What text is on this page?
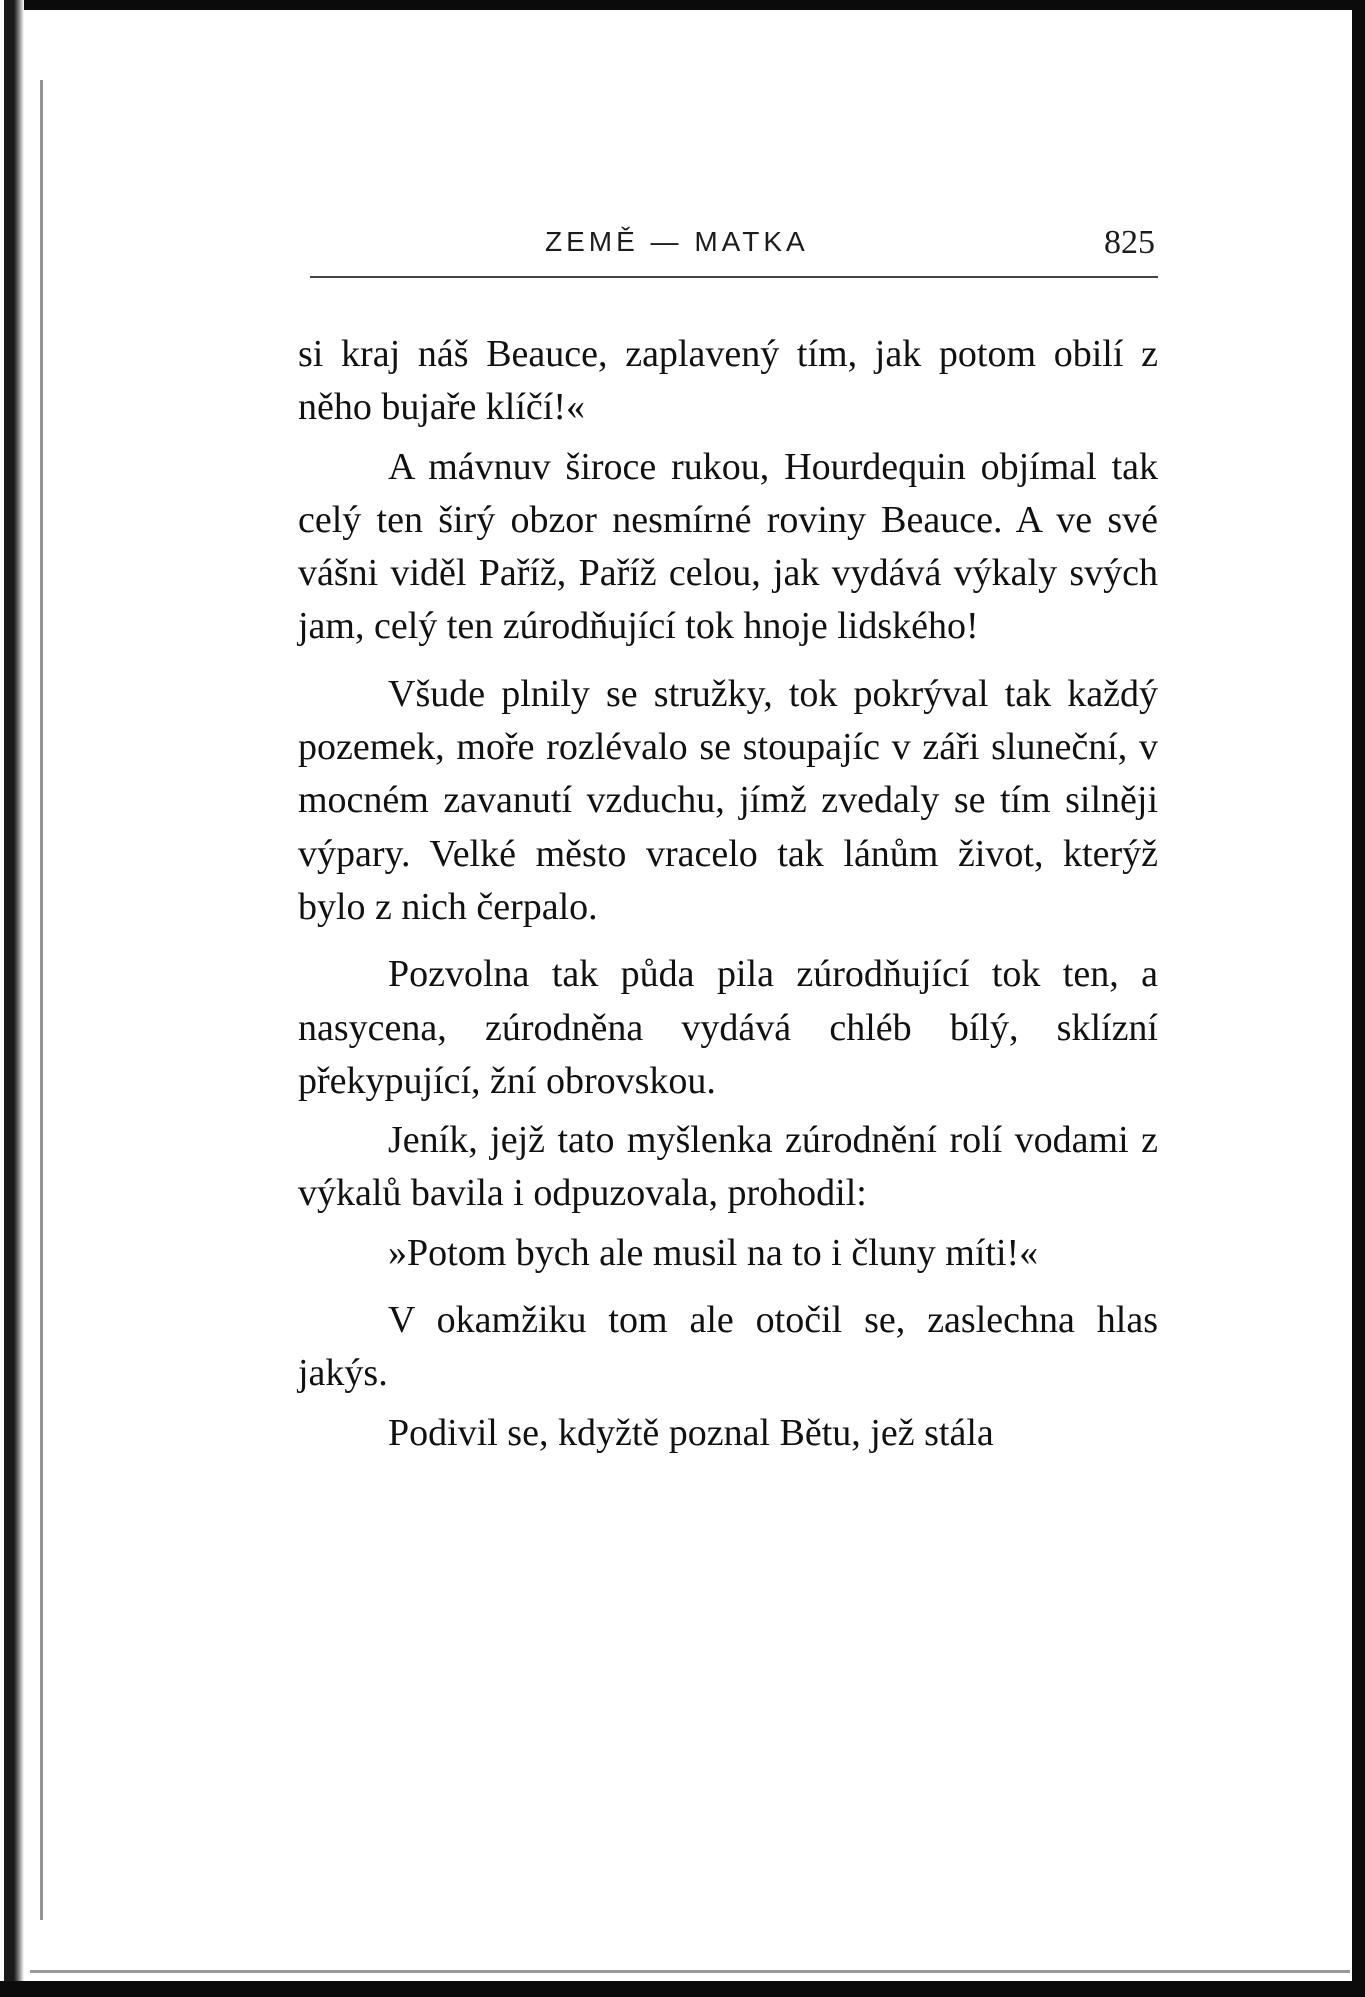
ZEMĚ — MATKA	825

si kraj náš Beauce, zaplavený tím, jak potom obilí z něho bujaře klíčí!«

A mávnuv široce rukou, Hourdequin objímal tak celý ten širý obzor nesmírné roviny Beauce. A ve své vášni viděl Paříž, Paříž celou, jak vydává výkaly svých jam, celý ten zúrodňující tok hnoje lidského!

Všude plnily se stružky, tok pokrýval tak každý pozemek, moře rozlévalo se stoupajíc v záři sluneční, v mocném zavanutí vzduchu, jímž zvedaly se tím silněji výpary. Velké město vracelo tak lánům život, kterýž bylo z nich čerpalo.

Pozvolna tak půda pila zúrodňující tok ten, a nasycena, zúrodněna vydává chléb bílý, sklízní překypující, žní obrovskou.

Jeník, jejž tato myšlenka zúrodnění rolí vodami z výkalů bavila i odpuzovala, prohodil:

»Potom bych ale musil na to i čluny míti!«

V okamžiku tom ale otočil se, zaslechna hlas jakýs.

Podivil se, kdyžtě poznal Bětu, jež stála
